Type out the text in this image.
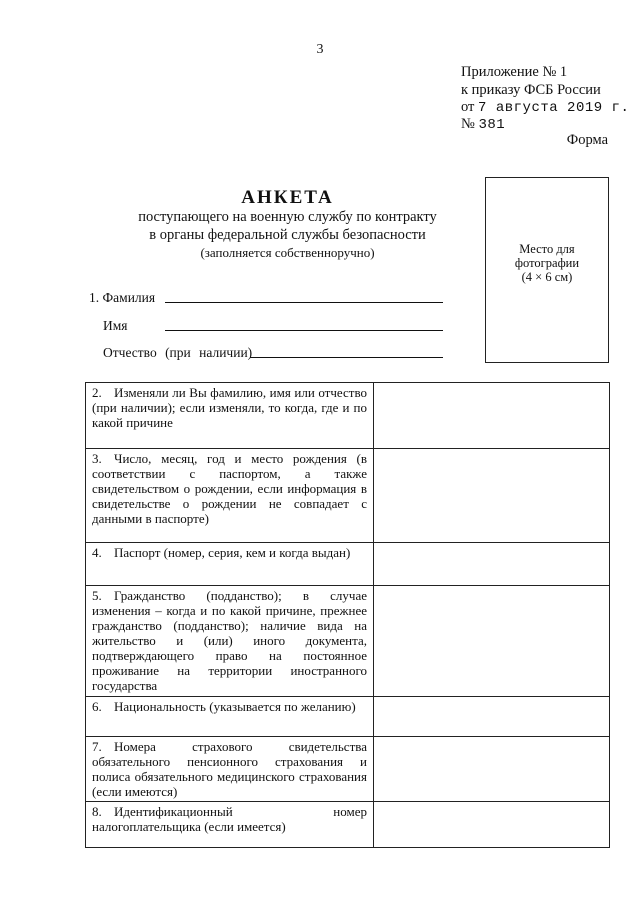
3
Приложение № 1
к приказу ФСБ России
от 7 августа 2019 г.
№ 381
Форма
АНКЕТА
поступающего на военную службу по контракту
в органы федеральной службы безопасности
(заполняется собственноручно)	Место для
фотографии
(4 × 6 см)
1. Фамилия
Имя
Отчество (при наличии)
2. Изменяли ли Вы фамилию, имя или отчество (при наличии); если изменяли, то когда, где и по какой причине	
3. Число, месяц, год и место рождения (в соответствии с паспортом, а также свидетельством о рождении, если информация в свидетельстве о рождении не совпадает с данными в паспорте)	
4. Паспорт (номер, серия, кем и когда выдан)	
5. Гражданство (подданство); в случае изменения – когда и по какой причине, прежнее гражданство (подданство); наличие вида на жительство и (или) иного документа, подтверждающего право на постоянное проживание на территории иностранного государства	
6. Национальность (указывается по желанию)	
7. Номера страхового свидетельства обязательного пенсионного страхования и полиса обязательного медицинского страхования (если имеются)	
8. Идентификационный номер налогоплательщика (если имеется)	
